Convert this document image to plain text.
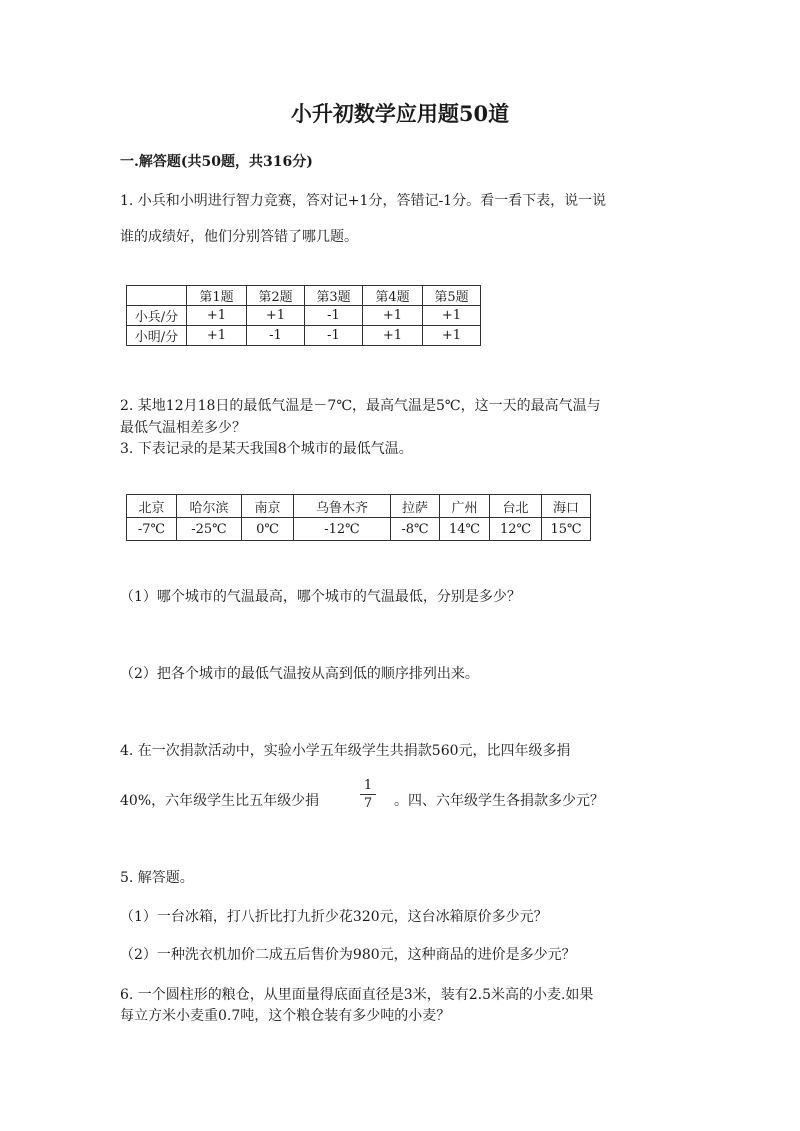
小升初数学应用题50道
一.解答题(共50题，共316分)
1. 小兵和小明进行智力竞赛，答对记+1分，答错记-1分。看一看下表，说一说
谁的成绩好，他们分别答错了哪几题。
	第1题	第2题	第3题	第4题	第5题
小兵/分	+1	+1	-1	+1	+1
小明/分	+1	-1	-1	+1	+1
2. 某地12月18日的最低气温是－7℃，最高气温是5℃，这一天的最高气温与
最低气温相差多少？
3. 下表记录的是某天我国8个城市的最低气温。
北京	哈尔滨	南京	乌鲁木齐	拉萨	广州	台北	海口
-7℃	-25℃	0℃	-12℃	-8℃	14℃	12℃	15℃
（1）哪个城市的气温最高，哪个城市的气温最低，分别是多少？
（2）把各个城市的最低气温按从高到低的顺序排列出来。
4. 在一次捐款活动中，实验小学五年级学生共捐款560元，比四年级多捐
40%，六年级学生比五年级少捐
1
7 。四、六年级学生各捐款多少元？
5. 解答题。
（1）一台冰箱，打八折比打九折少花320元，这台冰箱原价多少元？
（2）一种洗衣机加价二成五后售价为980元，这种商品的进价是多少元？
6. 一个圆柱形的粮仓，从里面量得底面直径是3米，装有2.5米高的小麦.如果
每立方米小麦重0.7吨，这个粮仓装有多少吨的小麦？
